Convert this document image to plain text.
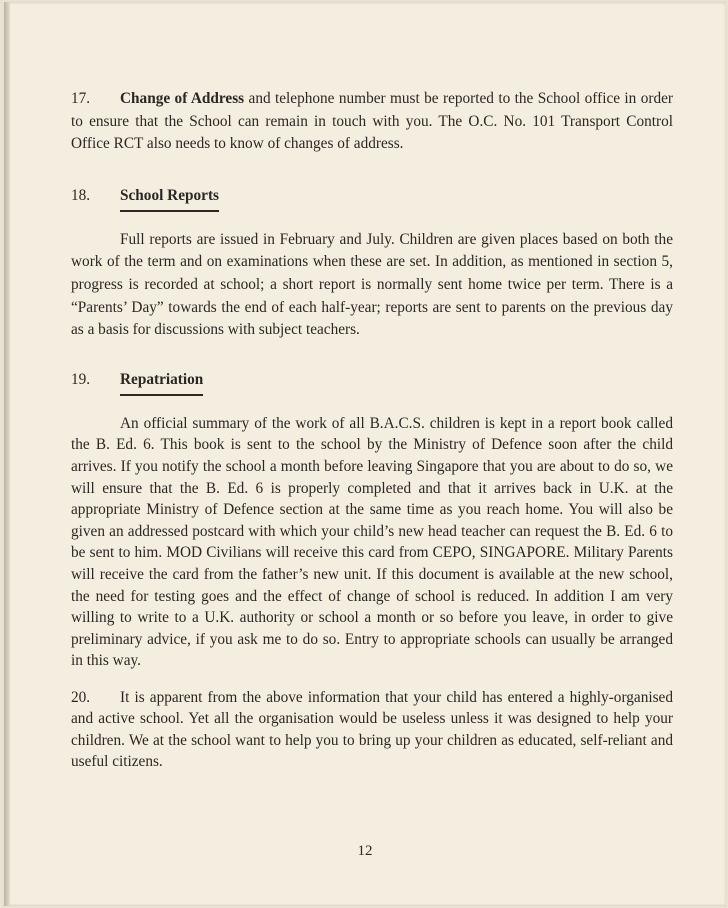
17. Change of Address and telephone number must be reported to the School office in order to ensure that the School can remain in touch with you. The O.C. No. 101 Transport Control Office RCT also needs to know of changes of address.

18. School Reports

Full reports are issued in February and July. Children are given places based on both the work of the term and on examinations when these are set. In addition, as mentioned in section 5, progress is recorded at school; a short report is normally sent home twice per term. There is a “Parents’ Day” towards the end of each half-year; reports are sent to parents on the previous day as a basis for discussions with subject teachers.

19. Repatriation

An official summary of the work of all B.A.C.S. children is kept in a report book called the B. Ed. 6. This book is sent to the school by the Ministry of Defence soon after the child arrives. If you notify the school a month before leaving Singapore that you are about to do so, we will ensure that the B. Ed. 6 is properly completed and that it arrives back in U.K. at the appropriate Ministry of Defence section at the same time as you reach home. You will also be given an addressed postcard with which your child’s new head teacher can request the B. Ed. 6 to be sent to him. MOD Civilians will receive this card from CEPO, SINGAPORE. Military Parents will receive the card from the father’s new unit. If this document is available at the new school, the need for testing goes and the effect of change of school is reduced. In addition I am very willing to write to a U.K. authority or school a month or so before you leave, in order to give preliminary advice, if you ask me to do so. Entry to appropriate schools can usually be arranged in this way.

20. It is apparent from the above information that your child has entered a highly-organised and active school. Yet all the organisation would be useless unless it was designed to help your children. We at the school want to help you to bring up your children as educated, self-reliant and useful citizens.

12
